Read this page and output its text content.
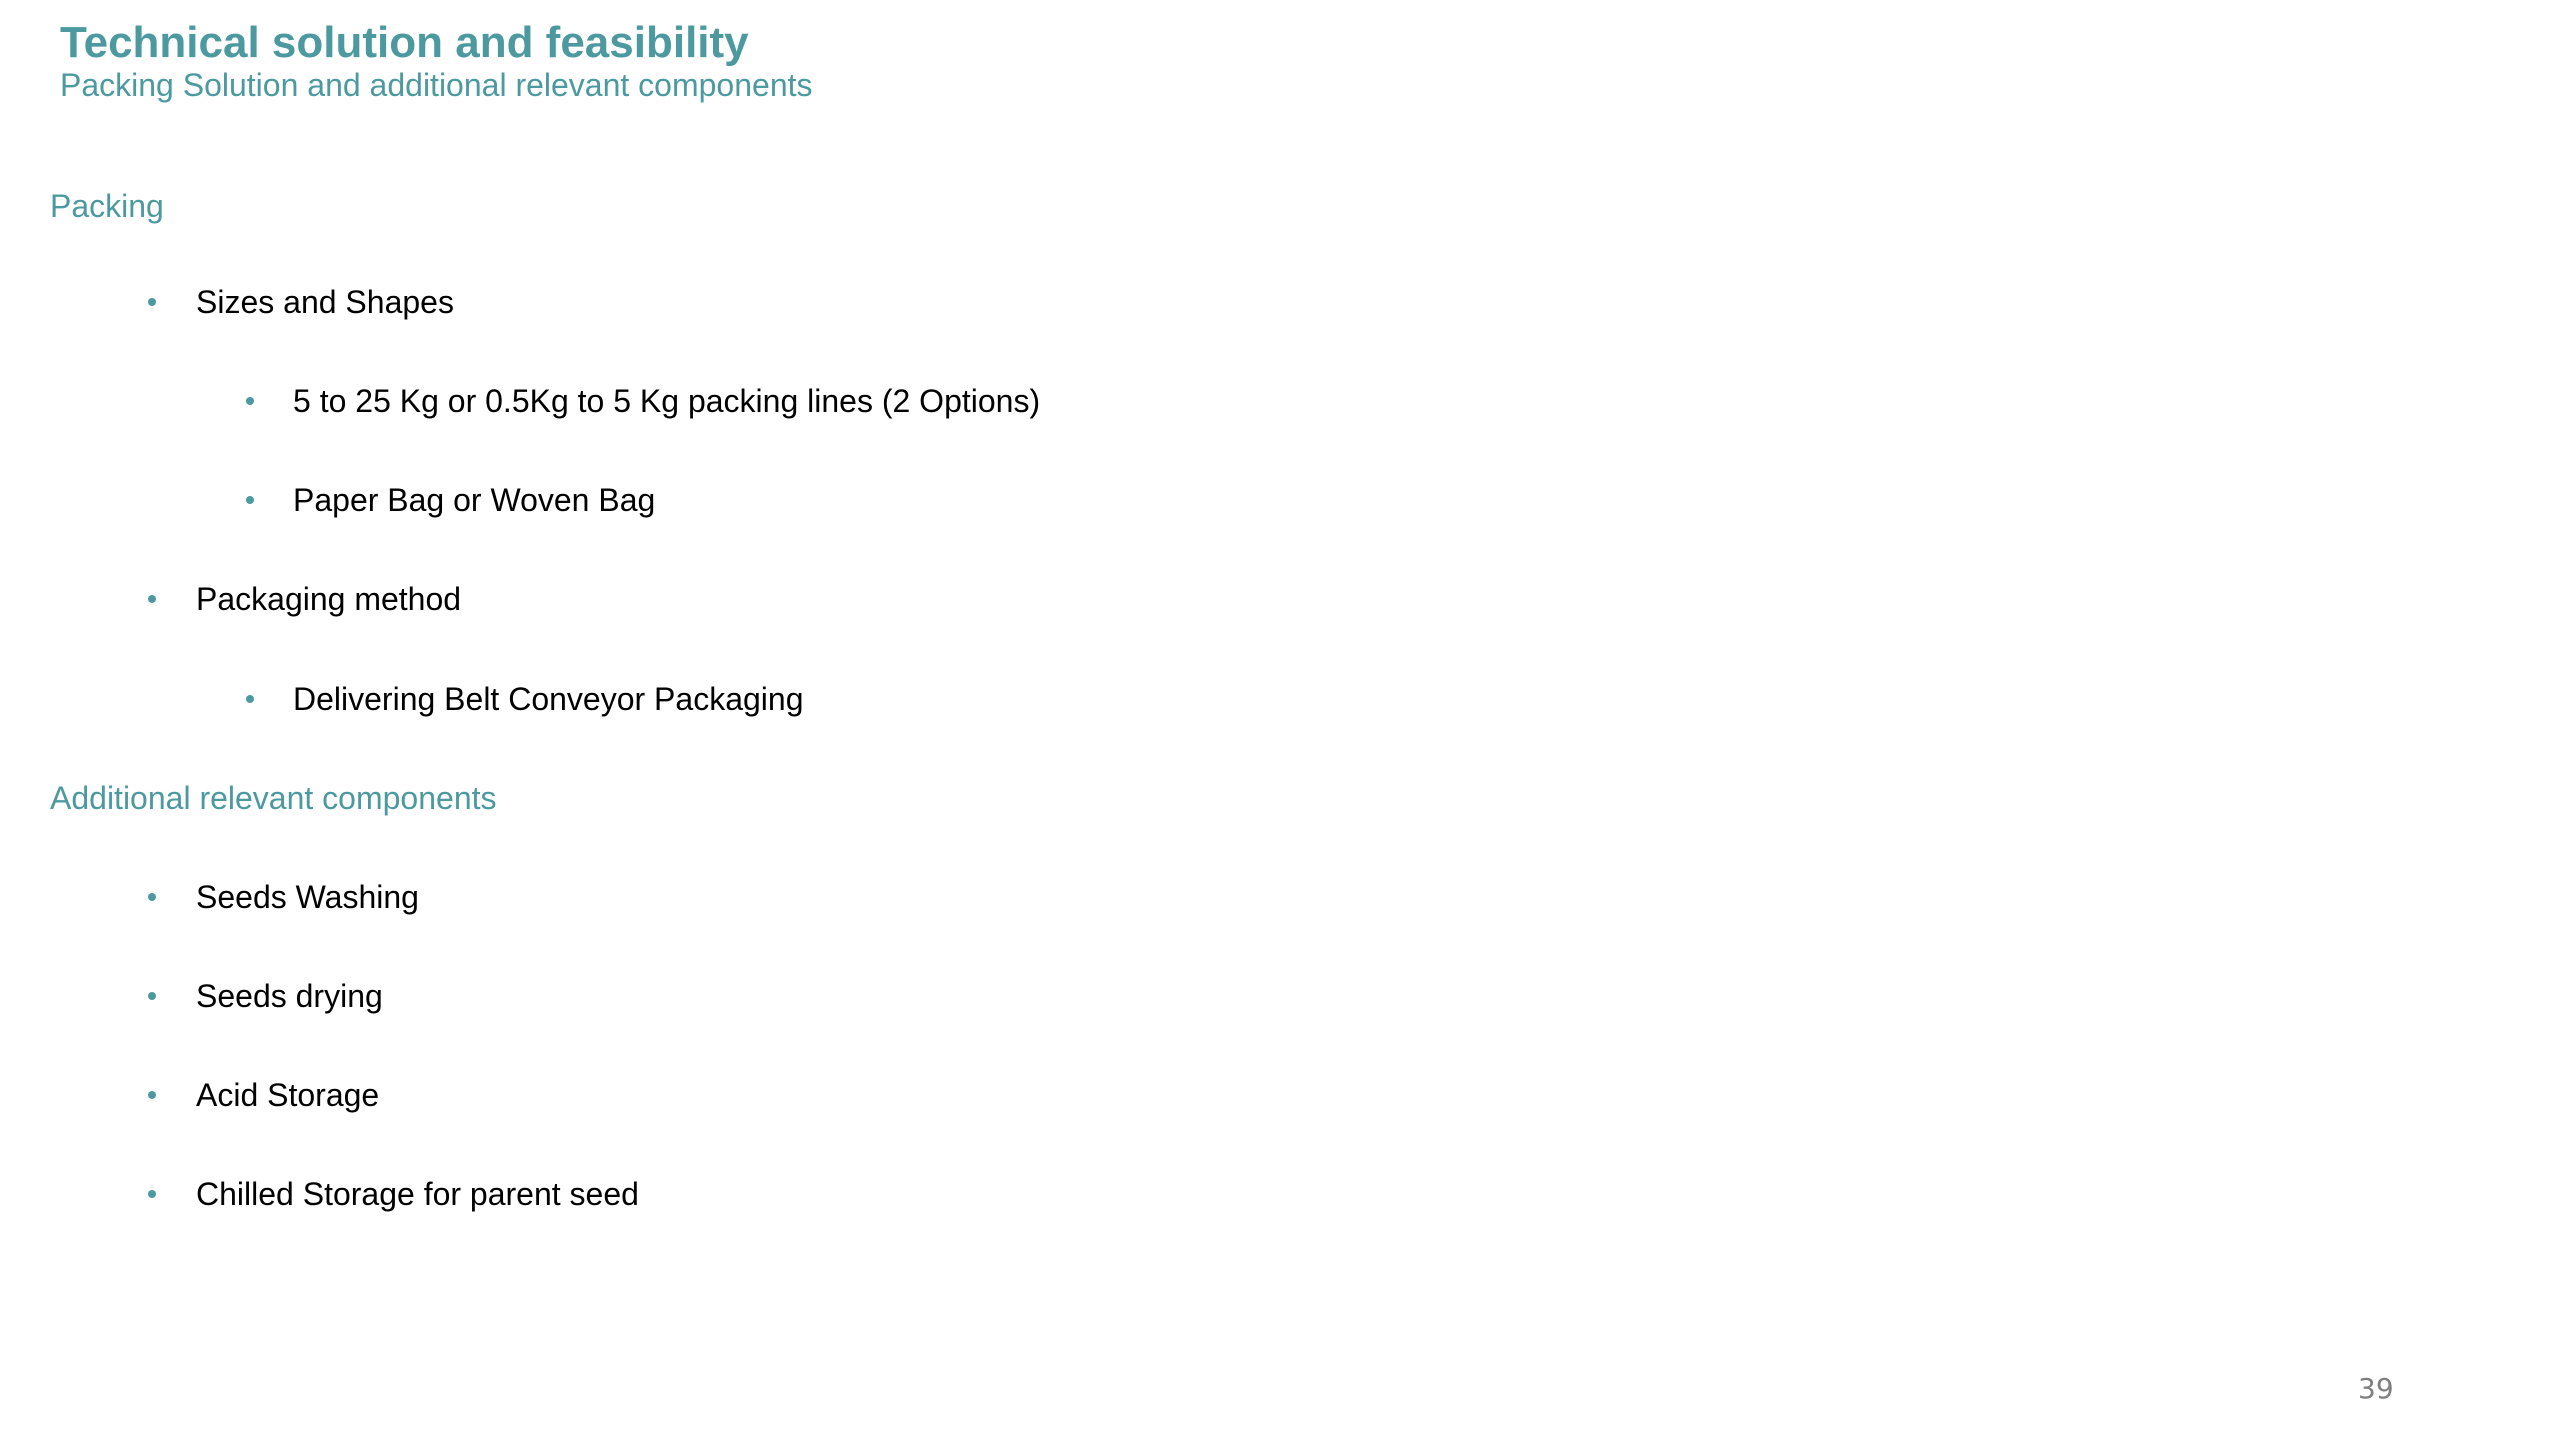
Technical solution and feasibility
Packing Solution and additional relevant components
Packing
Sizes and Shapes
5 to 25 Kg or 0.5Kg to 5 Kg packing lines (2 Options)
Paper Bag or Woven Bag
Packaging method
Delivering Belt Conveyor Packaging
Additional relevant components
Seeds Washing
Seeds drying
Acid Storage
Chilled Storage for parent seed
39
